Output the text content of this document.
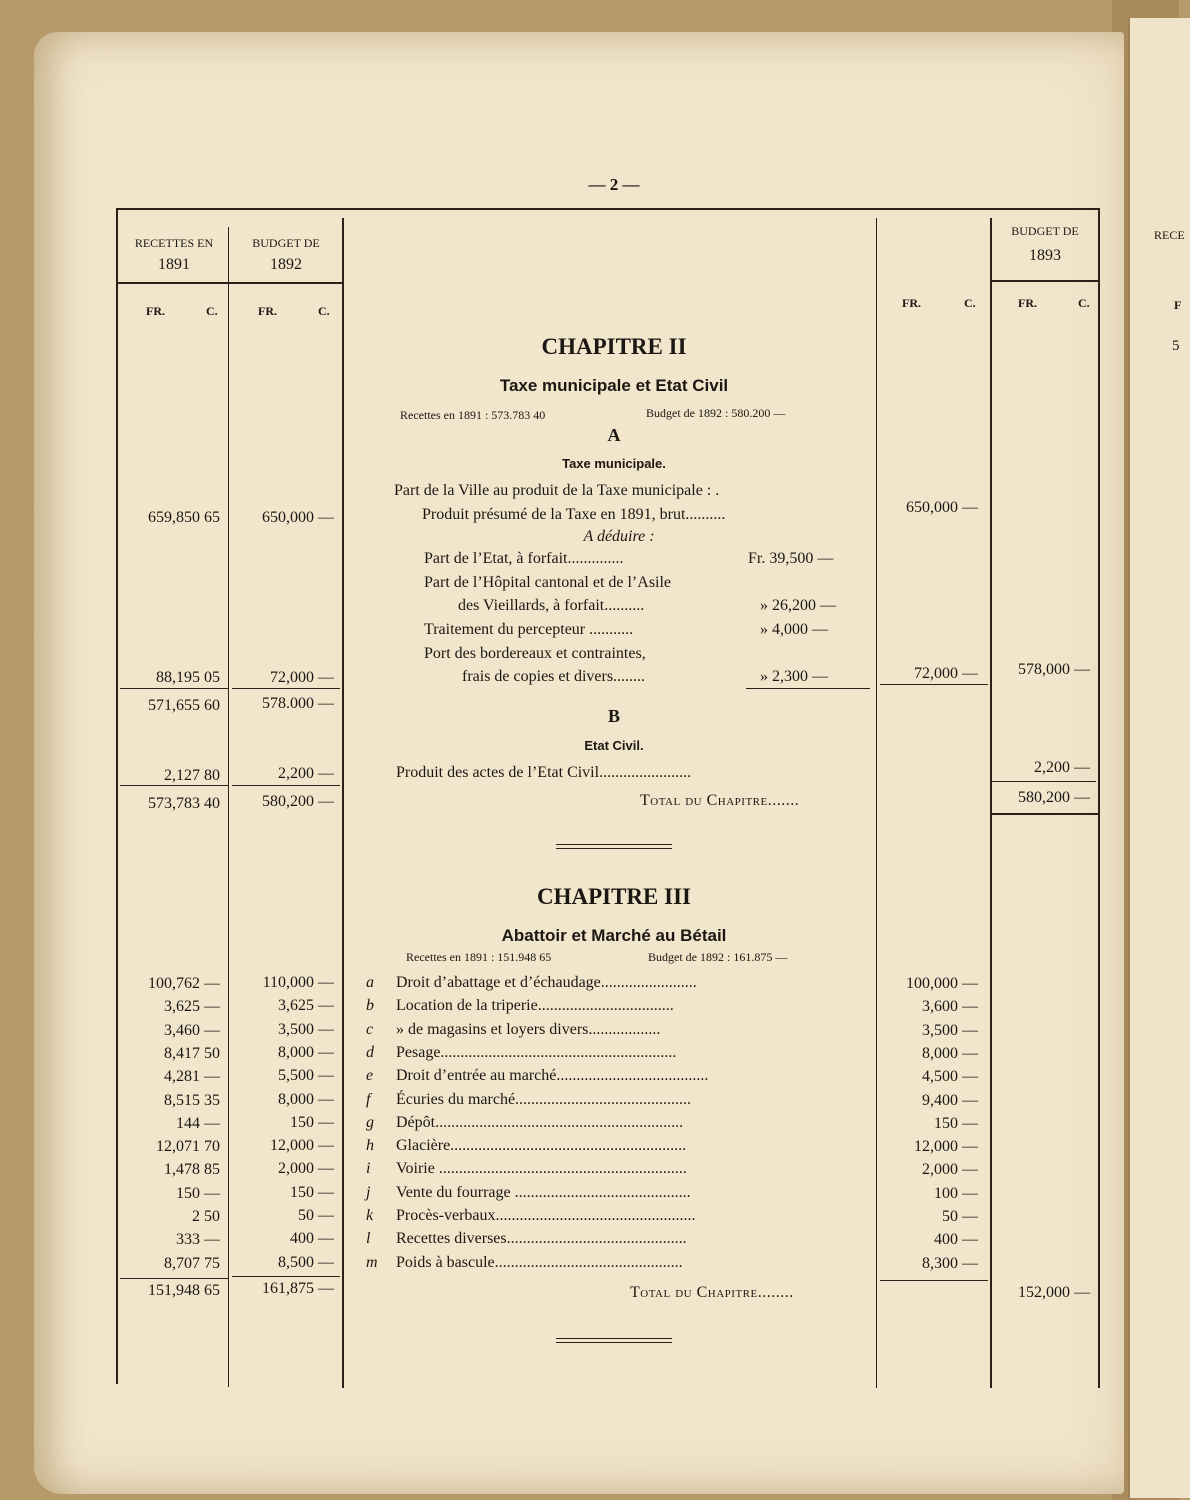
RECE
F
5
— 2 —
RECETTES EN
1891
BUDGET DE
1892
BUDGET DE
1893
FR.	C.	FR.	C.
FR.	C.	FR.	C.
CHAPITRE II
Taxe municipale et Etat Civil
Recettes en 1891 : 573.783 40	Budget de 1892 : 580.200 —
A
Taxe municipale.
Part de la Ville au produit de la Taxe municipale : .
Produit présumé de la Taxe en 1891, brut..........
659,850 65	650,000 —
650,000 —
A déduire :
Part de l’Etat, à forfait..............	Fr. 39,500 —
Part de l’Hôpital cantonal et de l’Asile
des Vieillards, à forfait..........	» 26,200 —
Traitement du percepteur ...........	» 4,000 —
Port des bordereaux et contraintes,
frais de copies et divers........	» 2,300 —
88,195 05	72,000 —	72,000 —	578,000 —
571,655 60	578.000 —
B
Etat Civil.
Produit des actes de l’Etat Civil.......................
2,127 80	2,200 —	2,200 —
Total du Chapitre.......
573,783 40	580,200 —	580,200 —
CHAPITRE III
Abattoir et Marché au Bétail
Recettes en 1891 : 151.948 65	Budget de 1892 : 161.875 —
a Droit d’abattage et d’échaudage........................
100,762 —	110,000 —	100,000 —
b Location de la triperie..................................
3,625 —	3,625 —	3,600 —
c » de magasins et loyers divers..................
3,460 —	3,500 —	3,500 —
d Pesage...........................................................
8,417 50	8,000 —	8,000 —
e Droit d’entrée au marché......................................
4,281 —	5,500 —	4,500 —
f Écuries du marché............................................
8,515 35	8,000 —	9,400 —
g Dépôt..............................................................
144 —	150 —	150 —
h Glacière...........................................................
12,071 70	12,000 —	12,000 —
i Voirie ..............................................................
1,478 85	2,000 —	2,000 —
j Vente du fourrage ............................................
150 —	150 —	100 —
k Procès-verbaux..................................................
2 50	50 —	50 —
l Recettes diverses.............................................
333 —	400 —	400 —
m Poids à bascule...............................................
8,707 75	8,500 —	8,300 —
Total du Chapitre........
151,948 65	161,875 —	152,000 —
